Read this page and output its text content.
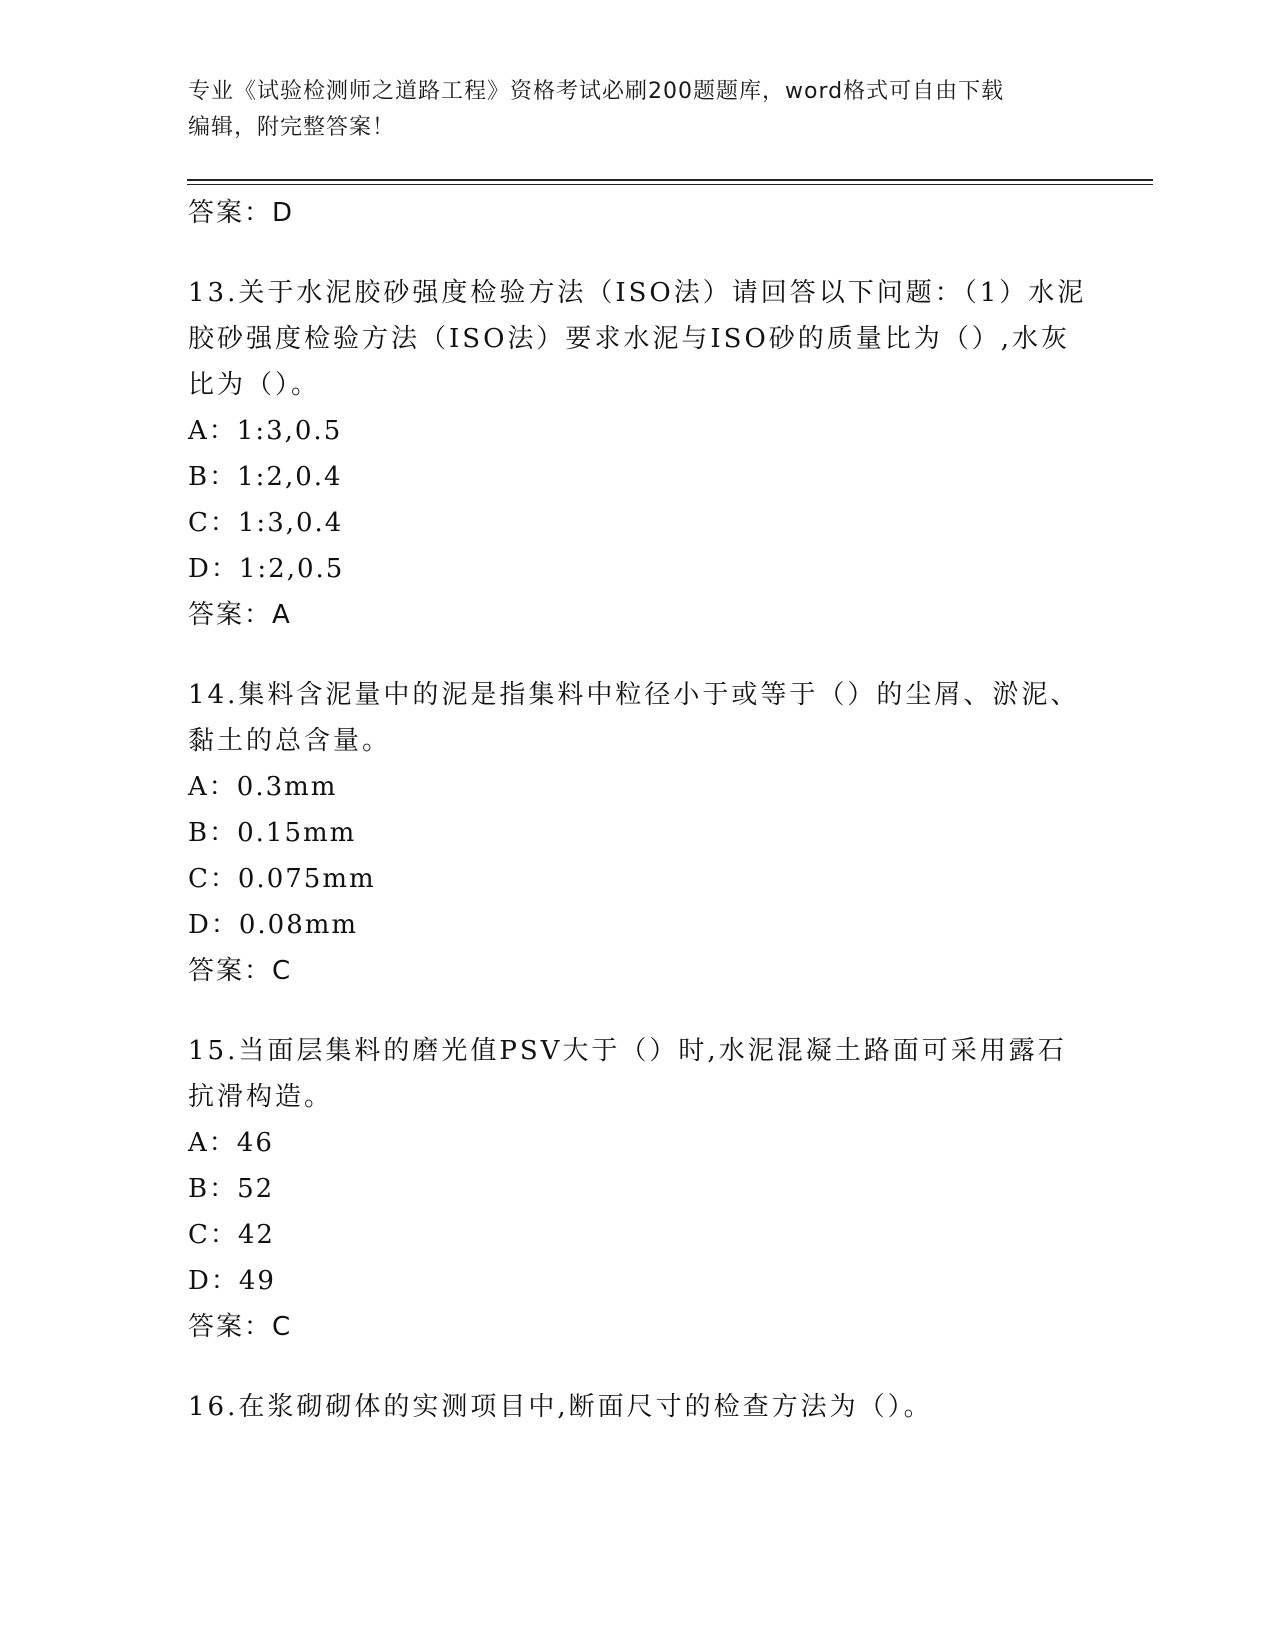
专业《试验检测师之道路工程》资格考试必刷200题题库，word格式可自由下载
编辑，附完整答案！

答案：D

13.关于水泥胶砂强度检验方法（ISO法）请回答以下问题：（1）水泥

胶砂强度检验方法（ISO法）要求水泥与ISO砂的质量比为（）,水灰

比为（）。

A：1:3,0.5

B：1:2,0.4

C：1:3,0.4

D：1:2,0.5

答案：A

14.集料含泥量中的泥是指集料中粒径小于或等于（）的尘屑、淤泥、

黏土的总含量。

A：0.3mm

B：0.15mm

C：0.075mm

D：0.08mm

答案：C

15.当面层集料的磨光值PSV大于（）时,水泥混凝土路面可采用露石

抗滑构造。

A：46

B：52

C：42

D：49

答案：C

16.在浆砌砌体的实测项目中,断面尺寸的检查方法为（）。
